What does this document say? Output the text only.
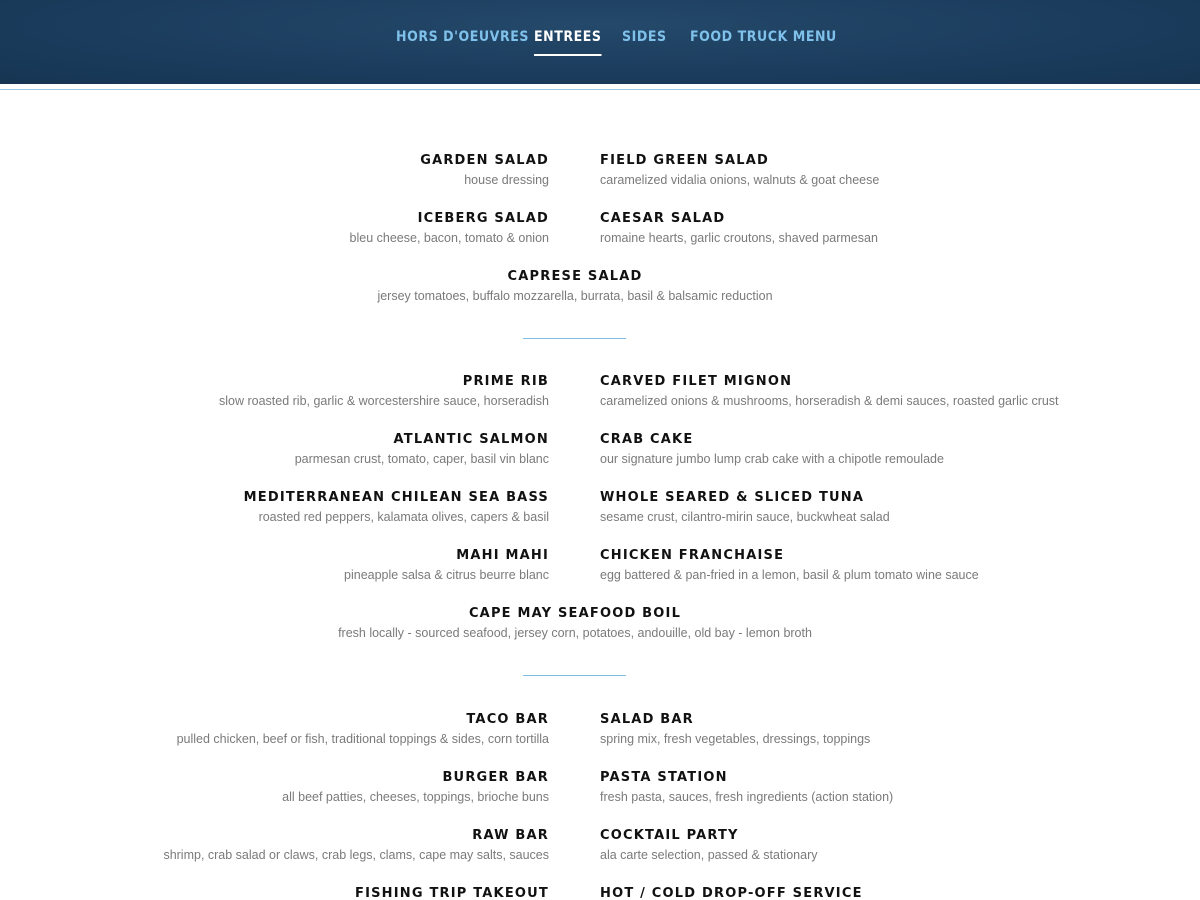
HORS D'OEUVRES ENTREES SIDES FOOD TRUCK MENU
GARDEN SALAD
house dressing
FIELD GREEN SALAD
caramelized vidalia onions, walnuts & goat cheese
ICEBERG SALAD
bleu cheese, bacon, tomato & onion
CAESAR SALAD
romaine hearts, garlic croutons, shaved parmesan
CAPRESE SALAD
jersey tomatoes, buffalo mozzarella, burrata, basil & balsamic reduction
PRIME RIB
slow roasted rib, garlic & worcestershire sauce, horseradish
CARVED FILET MIGNON
caramelized onions & mushrooms, horseradish & demi sauces, roasted garlic crust
ATLANTIC SALMON
parmesan crust, tomato, caper, basil vin blanc
CRAB CAKE
our signature jumbo lump crab cake with a chipotle remoulade
MEDITERRANEAN CHILEAN SEA BASS
roasted red peppers, kalamata olives, capers & basil
WHOLE SEARED & SLICED TUNA
sesame crust, cilantro-mirin sauce, buckwheat salad
MAHI MAHI
pineapple salsa & citrus beurre blanc
CHICKEN FRANCHAISE
egg battered & pan-fried in a lemon, basil & plum tomato wine sauce
CAPE MAY SEAFOOD BOIL
fresh locally - sourced seafood, jersey corn, potatoes, andouille, old bay - lemon broth
TACO BAR
pulled chicken, beef or fish, traditional toppings & sides, corn tortilla
SALAD BAR
spring mix, fresh vegetables, dressings, toppings
BURGER BAR
all beef patties, cheeses, toppings, brioche buns
PASTA STATION
fresh pasta, sauces, fresh ingredients (action station)
RAW BAR
shrimp, crab salad or claws, crab legs, clams, cape may salts, sauces
COCKTAIL PARTY
ala carte selection, passed & stationary
FISHING TRIP TAKEOUT	HOT / COLD DROP-OFF SERVICE
